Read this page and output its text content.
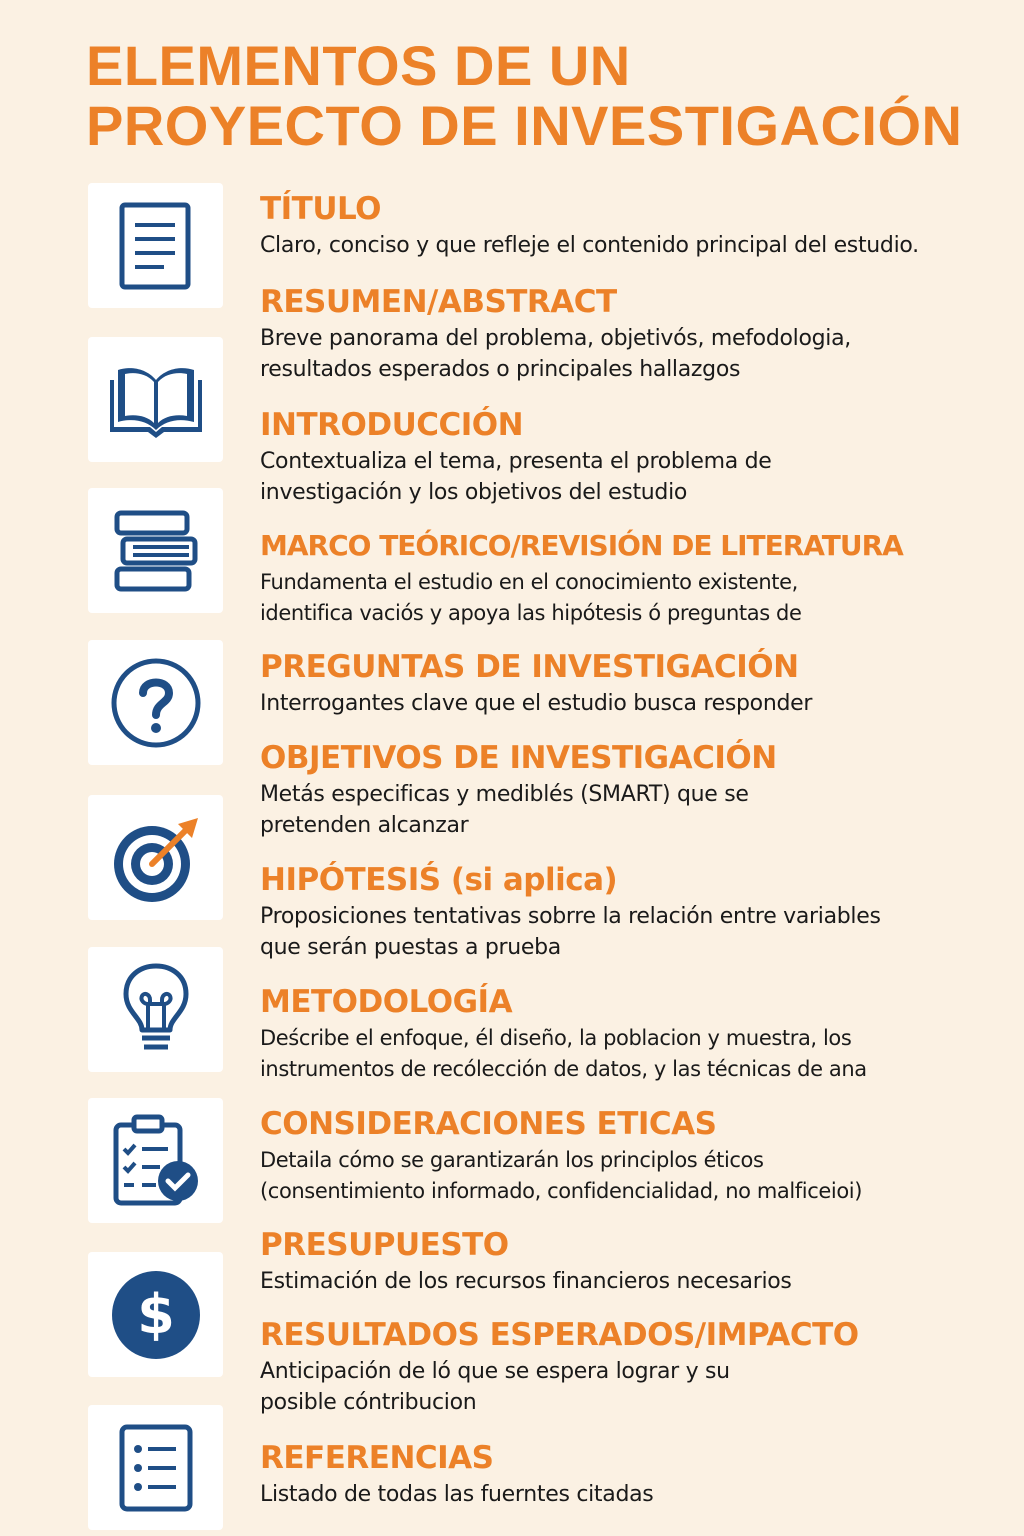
ELEMENTOS DE UN
PROYECTO DE INVESTIGACIÓN
$
TÍTULO

Claro, conciso y que refleje el contenido principal del estudio.

RESUMEN/ABSTRACT

Breve panorama del problema, objetivós, mefodologia,
resultados esperados o principales hallazgos

INTRODUCCIÓN

Contextualiza el tema, presenta el problema de
investigación y los objetivos del estudio

MARCO TEÓRICO/REVISIÓN DE LITERATURA

Fundamenta el estudio en el conocimiento existente,
identifica vaciós y apoya las hipótesis ó preguntas de

PREGUNTAS DE INVESTIGACIÓN

Interrogantes clave que el estudio busca responder

OBJETIVOS DE INVESTIGACIÓN

Metás especificas y mediblés (SMART) que se
pretenden alcanzar

HIPÓTESIŚ (si aplica)

Proposiciones tentativas sobrre la relación entre variables
que serán puestas a prueba

METODOLOGÍA

Deścribe el enfoque, él diseño, la poblacion y muestra, los
instrumentos de recólección de datos, y las técnicas de ana

CONSIDERACIONES ETICAS

Detaila cómo se garantizarán los principlos éticos
(consentimiento informado, confidencialidad, no malficeioi)

PRESUPUESTO

Estimación de los recursos financieros necesarios

RESULTADOS ESPERADOS/IMPACTO

Anticipación de ló que se espera lograr y su
posible cóntribucion

REFERENCIAS

Listado de todas las fuerntes citadas
